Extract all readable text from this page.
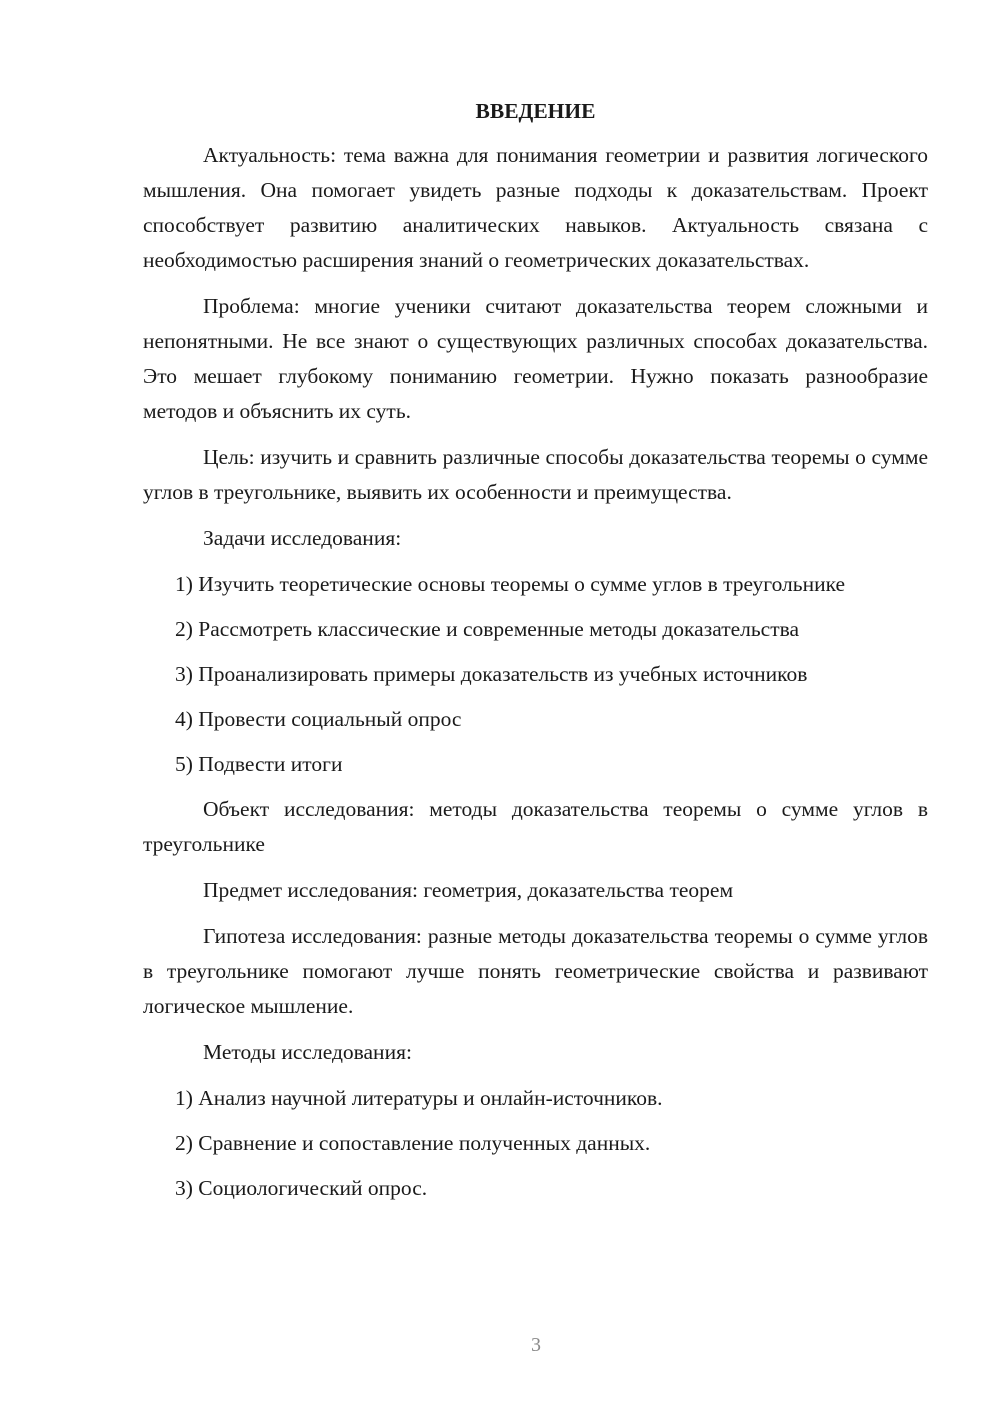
ВВЕДЕНИЕ

Актуальность: тема важна для понимания геометрии и развития логического мышления. Она помогает увидеть разные подходы к доказательствам. Проект способствует развитию аналитических навыков. Актуальность связана с необходимостью расширения знаний о геометрических доказательствах.

Проблема: многие ученики считают доказательства теорем сложными и непонятными. Не все знают о существующих различных способах доказательства. Это мешает глубокому пониманию геометрии. Нужно показать разнообразие методов и объяснить их суть.

Цель: изучить и сравнить различные способы доказательства теоремы о сумме углов в треугольнике, выявить их особенности и преимущества.

Задачи исследования:

1) Изучить теоретические основы теоремы о сумме углов в треугольнике

2) Рассмотреть классические и современные методы доказательства

3) Проанализировать примеры доказательств из учебных источников

4) Провести социальный опрос

5) Подвести итоги

Объект исследования: методы доказательства теоремы о сумме углов в треугольнике

Предмет исследования: геометрия, доказательства теорем

Гипотеза исследования: разные методы доказательства теоремы о сумме углов в треугольнике помогают лучше понять геометрические свойства и развивают логическое мышление.

Методы исследования:

1) Анализ научной литературы и онлайн-источников.

2) Сравнение и сопоставление полученных данных.

3) Социологический опрос.

3
